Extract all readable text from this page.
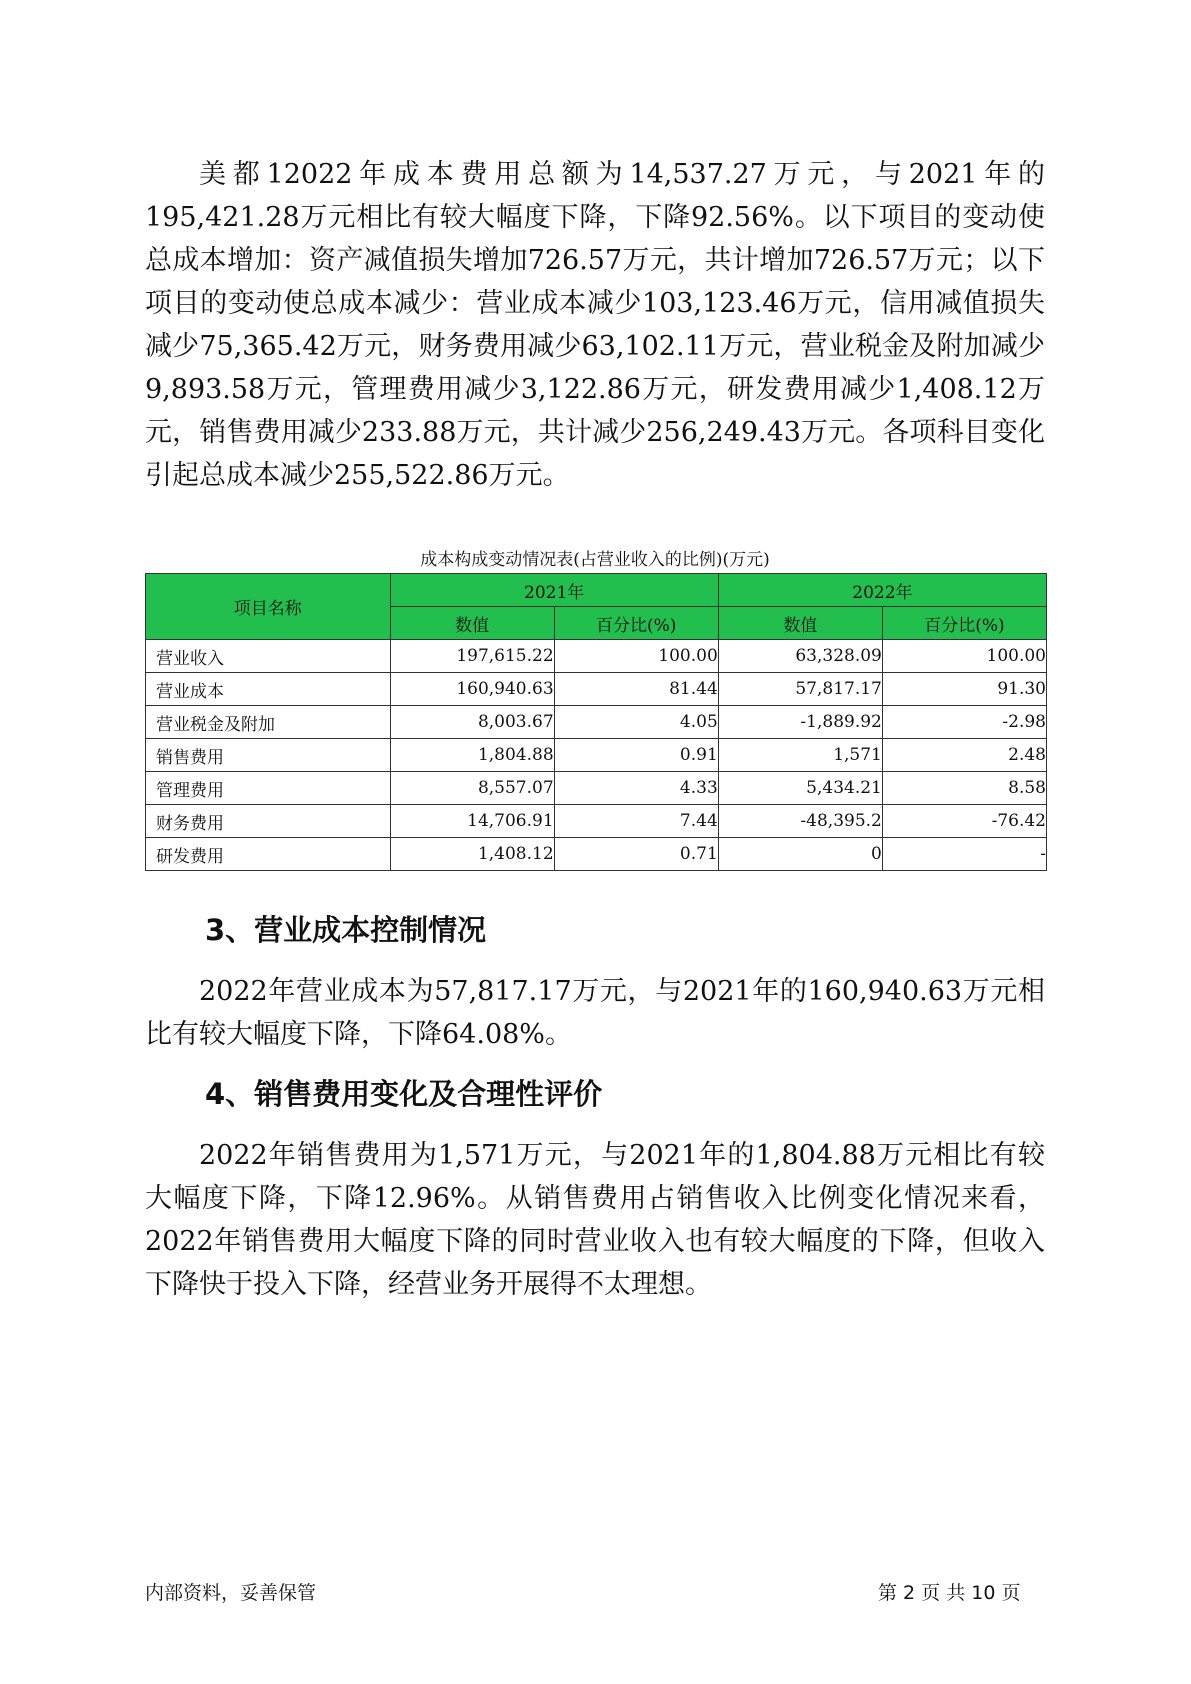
美都12022年成本费用总额为14,537.27万元，与2021年的195,421.28万元相比有较大幅度下降，下降92.56%。以下项目的变动使总成本增加：资产减值损失增加726.57万元，共计增加726.57万元；以下项目的变动使总成本减少：营业成本减少103,123.46万元，信用减值损失减少75,365.42万元，财务费用减少63,102.11万元，营业税金及附加减少9,893.58万元，管理费用减少3,122.86万元，研发费用减少1,408.12万元，销售费用减少233.88万元，共计减少256,249.43万元。各项科目变化引起总成本减少255,522.86万元。

成本构成变动情况表(占营业收入的比例)(万元)
项目名称	2021年		2022年	
	数值	百分比(%)	数值	百分比(%)
营业收入	197,615.22	100.00	63,328.09	100.00
营业成本	160,940.63	81.44	57,817.17	91.30
营业税金及附加	8,003.67	4.05	-1,889.92	-2.98
销售费用	1,804.88	0.91	1,571	2.48
管理费用	8,557.07	4.33	5,434.21	8.58
财务费用	14,706.91	7.44	-48,395.2	-76.42
研发费用	1,408.12	0.71	0	-
3、营业成本控制情况

2022年营业成本为57,817.17万元，与2021年的160,940.63万元相比有较大幅度下降，下降64.08%。

4、销售费用变化及合理性评价

2022年销售费用为1,571万元，与2021年的1,804.88万元相比有较大幅度下降，下降12.96%。从销售费用占销售收入比例变化情况来看，2022年销售费用大幅度下降的同时营业收入也有较大幅度的下降，但收入下降快于投入下降，经营业务开展得不太理想。

内部资料，妥善保管	第 2 页 共 10 页
